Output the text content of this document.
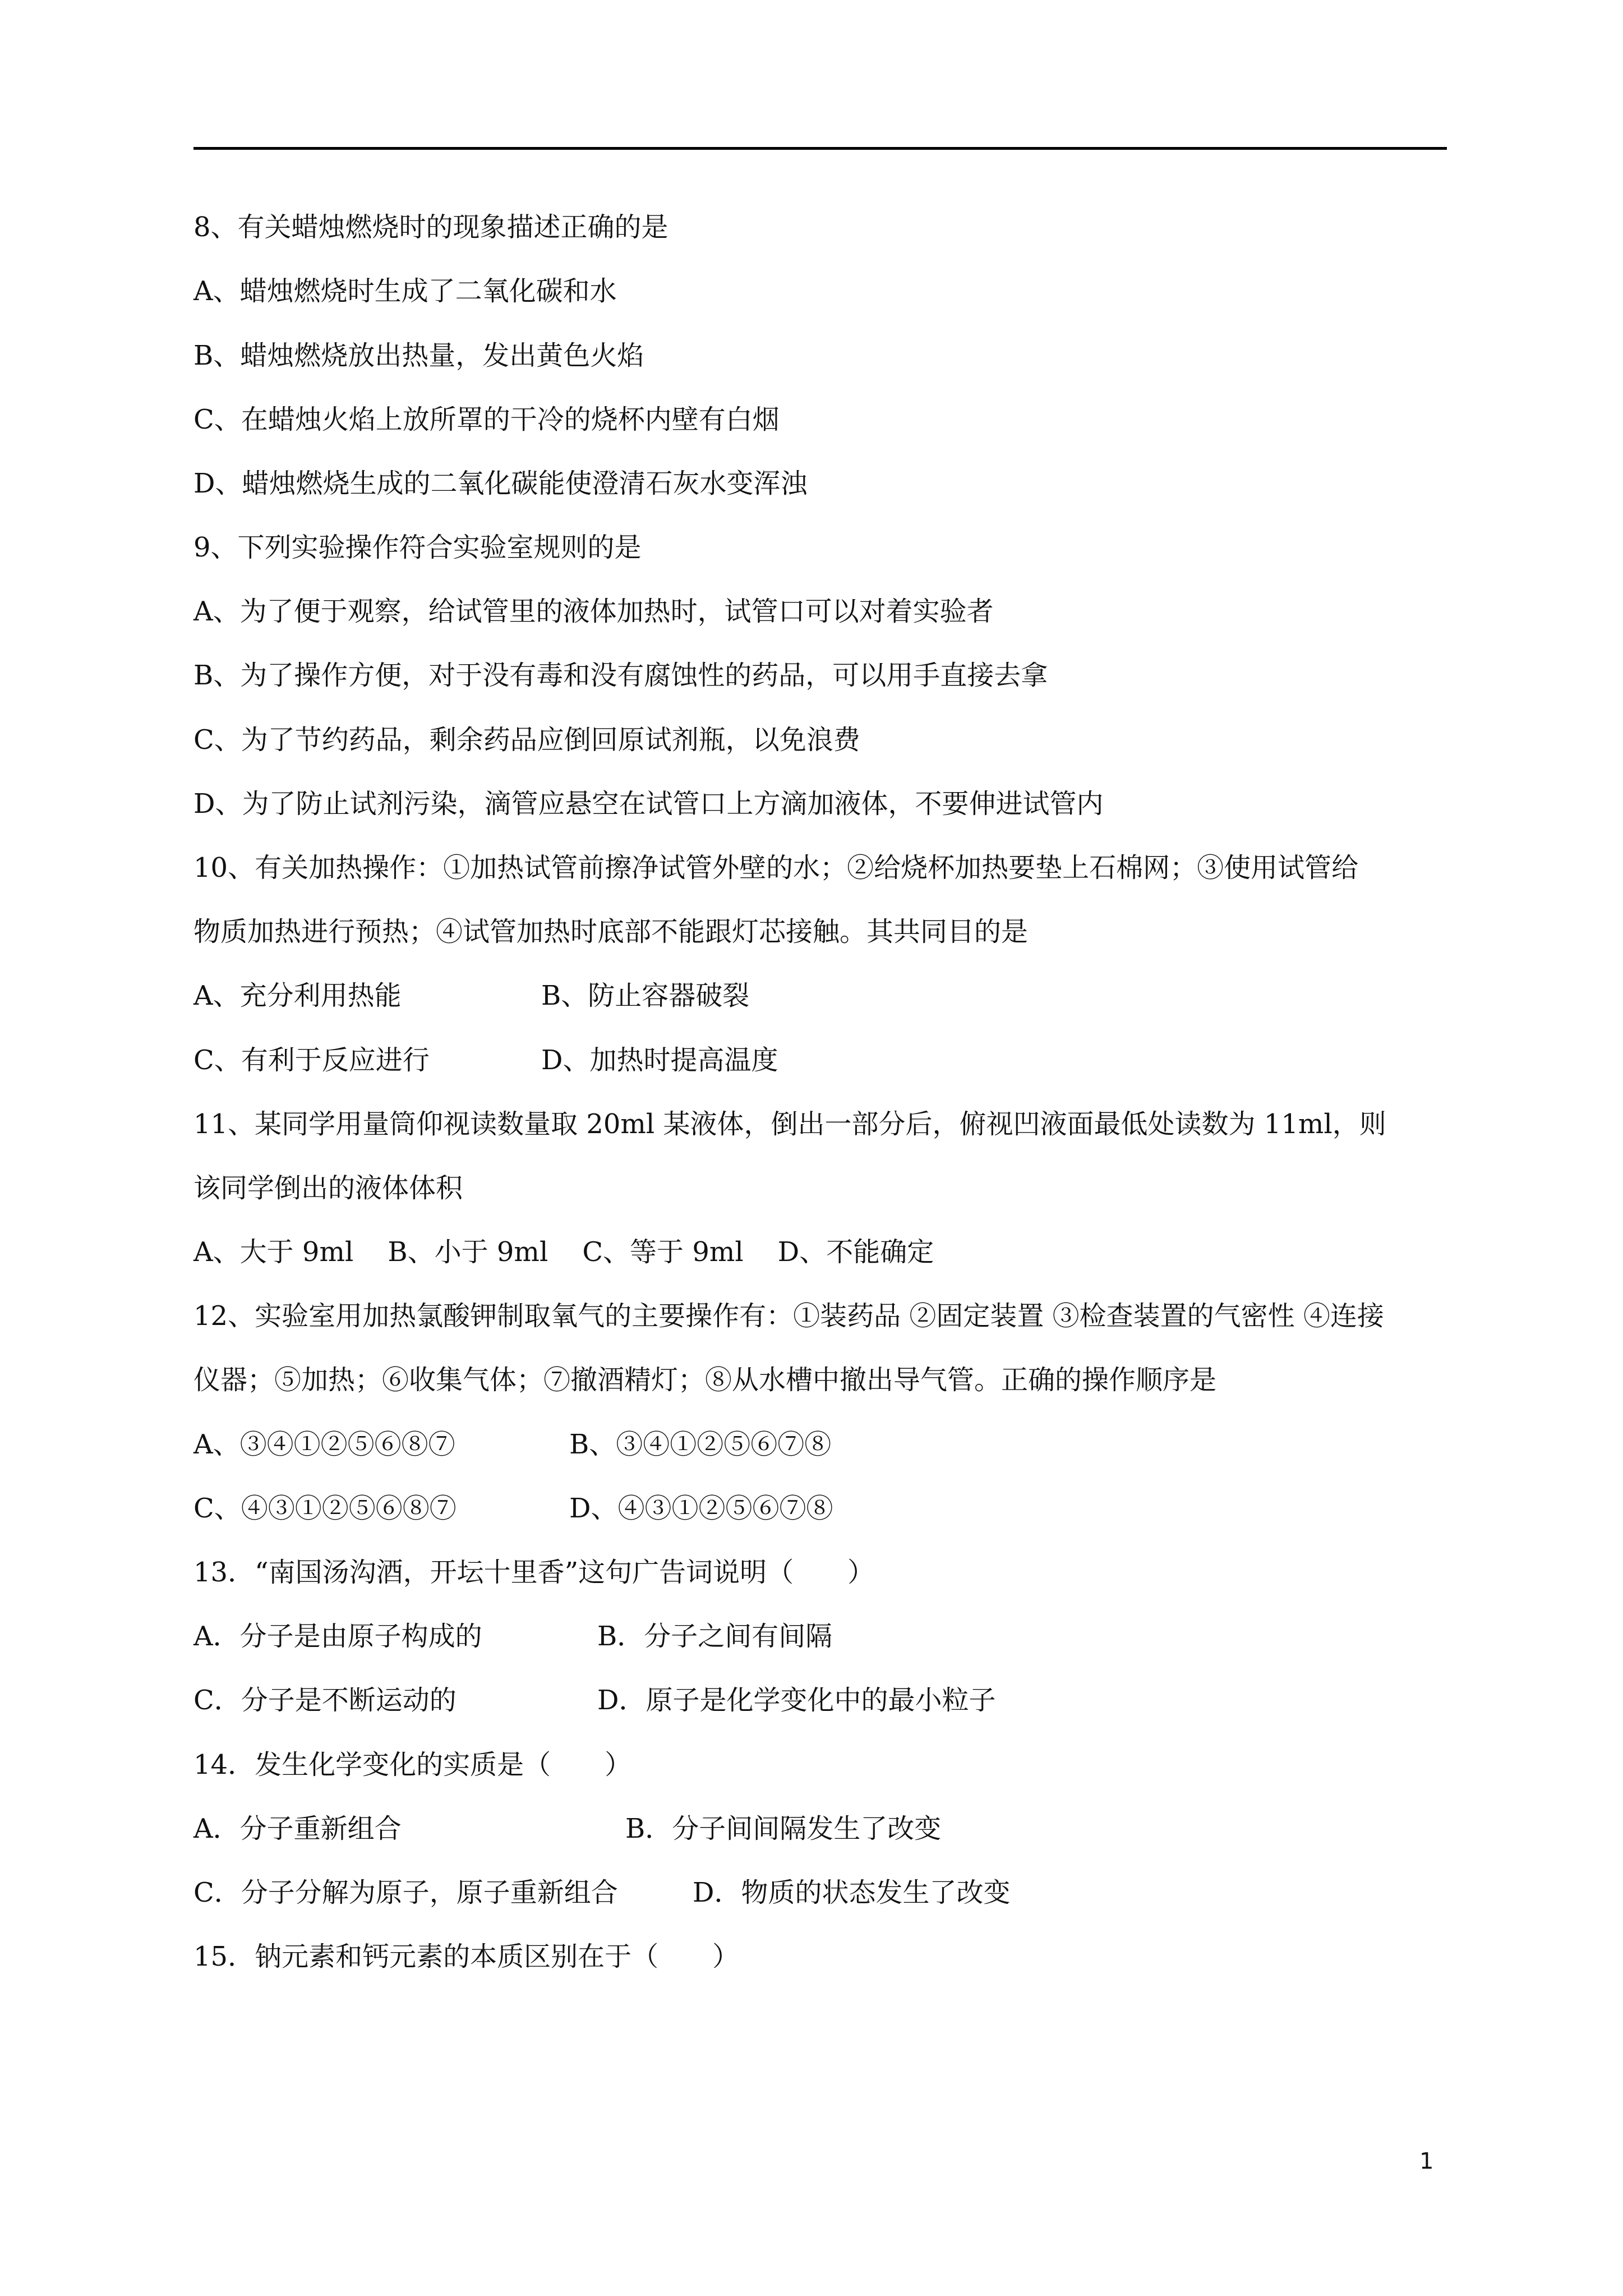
8、有关蜡烛燃烧时的现象描述正确的是
A、蜡烛燃烧时生成了二氧化碳和水
B、蜡烛燃烧放出热量，发出黄色火焰
C、在蜡烛火焰上放所罩的干冷的烧杯内壁有白烟
D、蜡烛燃烧生成的二氧化碳能使澄清石灰水变浑浊
9、下列实验操作符合实验室规则的是
A、为了便于观察，给试管里的液体加热时，试管口可以对着实验者
B、为了操作方便，对于没有毒和没有腐蚀性的药品，可以用手直接去拿
C、为了节约药品，剩余药品应倒回原试剂瓶，以免浪费
D、为了防止试剂污染，滴管应悬空在试管口上方滴加液体，不要伸进试管内
10、有关加热操作：①加热试管前擦净试管外壁的水；②给烧杯加热要垫上石棉网；③使用试管给
物质加热进行预热；④试管加热时底部不能跟灯芯接触。其共同目的是
A、充分利用热能	B、防止容器破裂
C、有利于反应进行	D、加热时提高温度
11、某同学用量筒仰视读数量取 20ml 某液体，倒出一部分后，俯视凹液面最低处读数为 11ml，则
该同学倒出的液体体积
A、大于 9ml    B、小于 9ml    C、等于 9ml    D、不能确定
12、实验室用加热氯酸钾制取氧气的主要操作有：①装药品 ②固定装置 ③检查装置的气密性 ④连接
仪器；⑤加热；⑥收集气体；⑦撤酒精灯；⑧从水槽中撤出导气管。正确的操作顺序是
A、③④①②⑤⑥⑧⑦	B、③④①②⑤⑥⑦⑧
C、④③①②⑤⑥⑧⑦	D、④③①②⑤⑥⑦⑧
13．“南国汤沟酒，开坛十里香”这句广告词说明（　　）
A．分子是由原子构成的	B．分子之间有间隔
C．分子是不断运动的	D．原子是化学变化中的最小粒子
14．发生化学变化的实质是（　　）
A．分子重新组合	B．分子间间隔发生了改变
C．分子分解为原子，原子重新组合	D．物质的状态发生了改变
15．钠元素和钙元素的本质区别在于（　　）
1
